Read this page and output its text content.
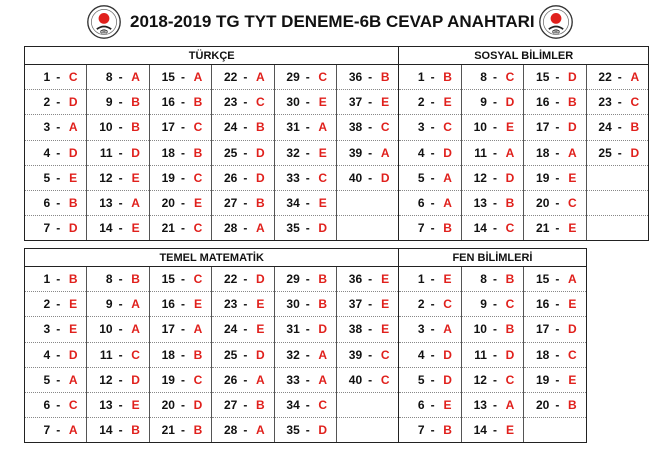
db
2018-2019 TG TYT DENEME-6B CEVAP ANAHTARI
db
TÜRKÇE						SOSYAL BİLİMLER			
1 - C	8 - A	15 - A	22 - A	29 - C	36 - B	1 - B	8 - C	15 - D	22 - A
2 - D	9 - B	16 - B	23 - C	30 - E	37 - E	2 - E	9 - D	16 - B	23 - C
3 - A	10 - B	17 - C	24 - B	31 - A	38 - C	3 - C	10 - E	17 - D	24 - B
4 - D	11 - D	18 - B	25 - D	32 - E	39 - A	4 - D	11 - A	18 - A	25 - D
5 - E	12 - E	19 - C	26 - D	33 - C	40 - D	5 - A	12 - D	19 - E	
6 - B	13 - A	20 - E	27 - B	34 - E		6 - A	13 - B	20 - C	
7 - D	14 - E	21 - C	28 - A	35 - D		7 - B	14 - C	21 - E	
TEMEL MATEMATİK						FEN BİLİMLERİ		
1 - B	8 - B	15 - C	22 - D	29 - B	36 - E	1 - E	8 - B	15 - A
2 - E	9 - A	16 - E	23 - E	30 - B	37 - E	2 - C	9 - C	16 - E
3 - E	10 - A	17 - A	24 - E	31 - D	38 - E	3 - A	10 - B	17 - D
4 - D	11 - C	18 - B	25 - D	32 - A	39 - C	4 - D	11 - D	18 - C
5 - A	12 - D	19 - C	26 - A	33 - A	40 - C	5 - D	12 - C	19 - E
6 - C	13 - E	20 - D	27 - B	34 - C		6 - E	13 - A	20 - B
7 - A	14 - B	21 - B	28 - A	35 - D		7 - B	14 - E	
